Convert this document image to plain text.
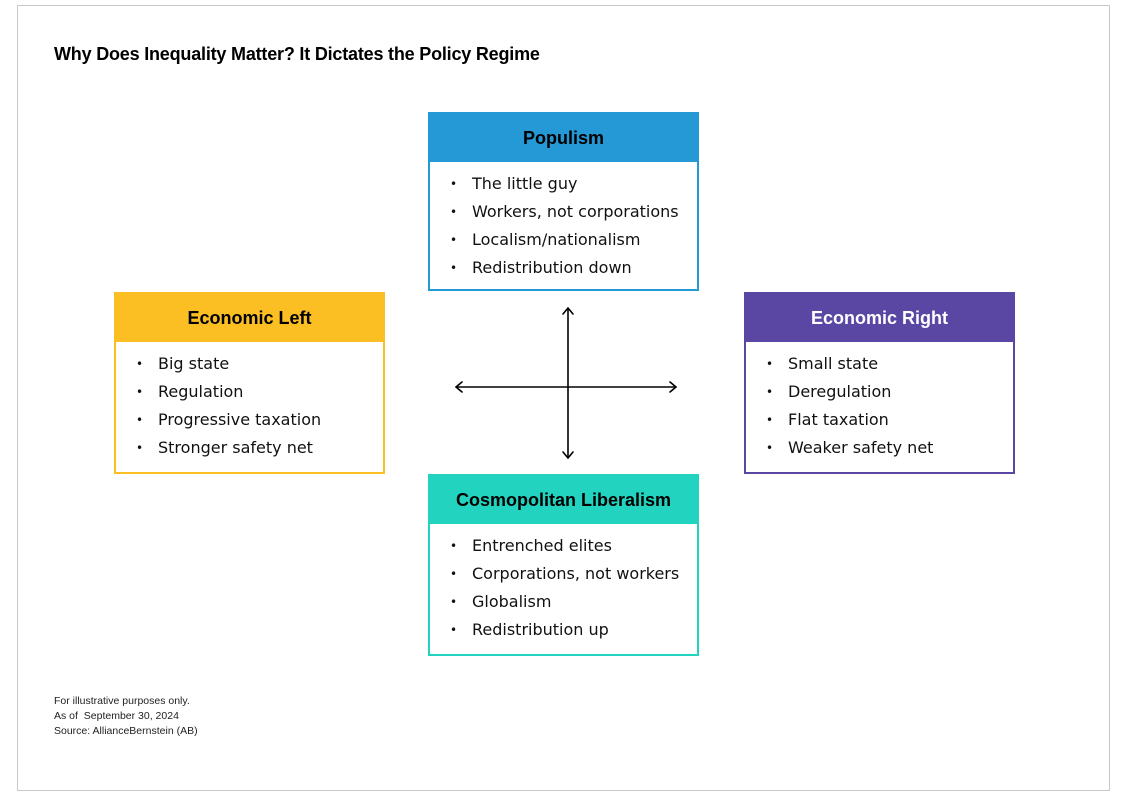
Why Does Inequality Matter? It Dictates the Policy Regime
Populism
• The little guy
• Workers, not corporations
• Localism/nationalism
• Redistribution down
Economic Left
• Big state
• Regulation
• Progressive taxation
• Stronger safety net
Economic Right
• Small state
• Deregulation
• Flat taxation
• Weaker safety net
Cosmopolitan Liberalism
• Entrenched elites
• Corporations, not workers
• Globalism
• Redistribution up
For illustrative purposes only.
As of  September 30, 2024
Source: AllianceBernstein (AB)
